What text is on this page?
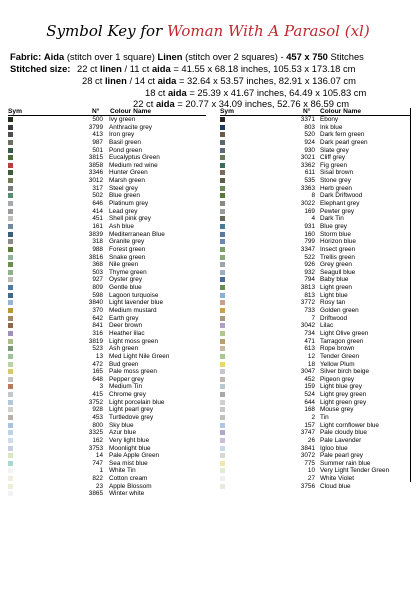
Symbol Key for Woman With A Parasol (xl)
Fabric: Aida (stitch over 1 square) Linen (stitch over 2 squares) - 457 x 750 Stitches
Stitched size: 22 ct linen / 11 ct aida = 41.55 x 68.18 inches, 105.53 x 173.18 cm
28 ct linen / 14 ct aida = 32.64 x 53.57 inches, 82.91 x 136.07 cm
18 ct aida = 25.39 x 41.67 inches, 64.49 x 105.83 cm
22 ct aida = 20.77 x 34.09 inches, 52.76 x 86.59 cm
Sym	N° Colour Name	Sym	N° Colour Name
500 Ivy green
3799 Anthracite grey
413 Iron grey
987 Basil green
501 Pond green
3815 Eucalyptus Green
3858 Medium red wine
3346 Hunter Green
3012 Marsh green
317 Steel grey
502 Blue green
646 Platinum grey
414 Lead grey
451 Shell pink grey
161 Ash blue
3839 Mediterranean Blue
318 Granite grey
988 Forest green
3816 Snake green
368 Nile green
503 Thyme green
927 Oyster grey
809 Gentle blue
598 Lagoon turquoise
3840 Light lavender blue
370 Medium mustard
642 Earth grey
841 Deer brown
316 Heather lilac
3819 Light moss green
523 Ash green
13 Med Light Nile Green
472 Bud green
165 Pale moss green
648 Pepper grey
3 Medium Tin
415 Chrome grey
3752 Light porcelain blue
928 Light pearl grey
453 Turtledove grey
800 Sky blue
3325 Azur blue
162 Very light blue
3753 Moonlight blue
14 Pale Apple Green
747 Sea mist blue
1 White Tin
822 Cotton cream
23 Apple Blossom
3865 Winter white
3371 Ebony
803 Ink blue
520 Dark fern green
924 Dark pearl green
930 Slate grey
3021 Cliff grey
3362 Fig green
611 Sisal brown
535 Stone grey
3363 Herb green
8 Dark Driftwood
3022 Elephant grey
169 Pewter grey
4 Dark Tin
931 Blue grey
160 Storm blue
799 Horizon blue
3347 Insect green
522 Trellis green
926 Grey green
932 Seagull blue
794 Baby blue
3813 Light green
813 Light blue
3772 Rosy tan
733 Golden green
7 Driftwood
3042 Lilac
734 Light Olive green
471 Tarragon green
613 Rope brown
12 Tender Green
18 Yellow Plum
3047 Silver birch beige
452 Pigeon grey
159 Light blue grey
524 Light grey green
644 Light green grey
168 Mouse grey
2 Tin
157 Light cornflower blue
3747 Pale cloudy blue
26 Pale Lavender
3841 Igloo blue
3072 Pale pearl grey
775 Summer rain blue
10 Very Light Tender Green
27 White Violet
3756 Cloud blue
